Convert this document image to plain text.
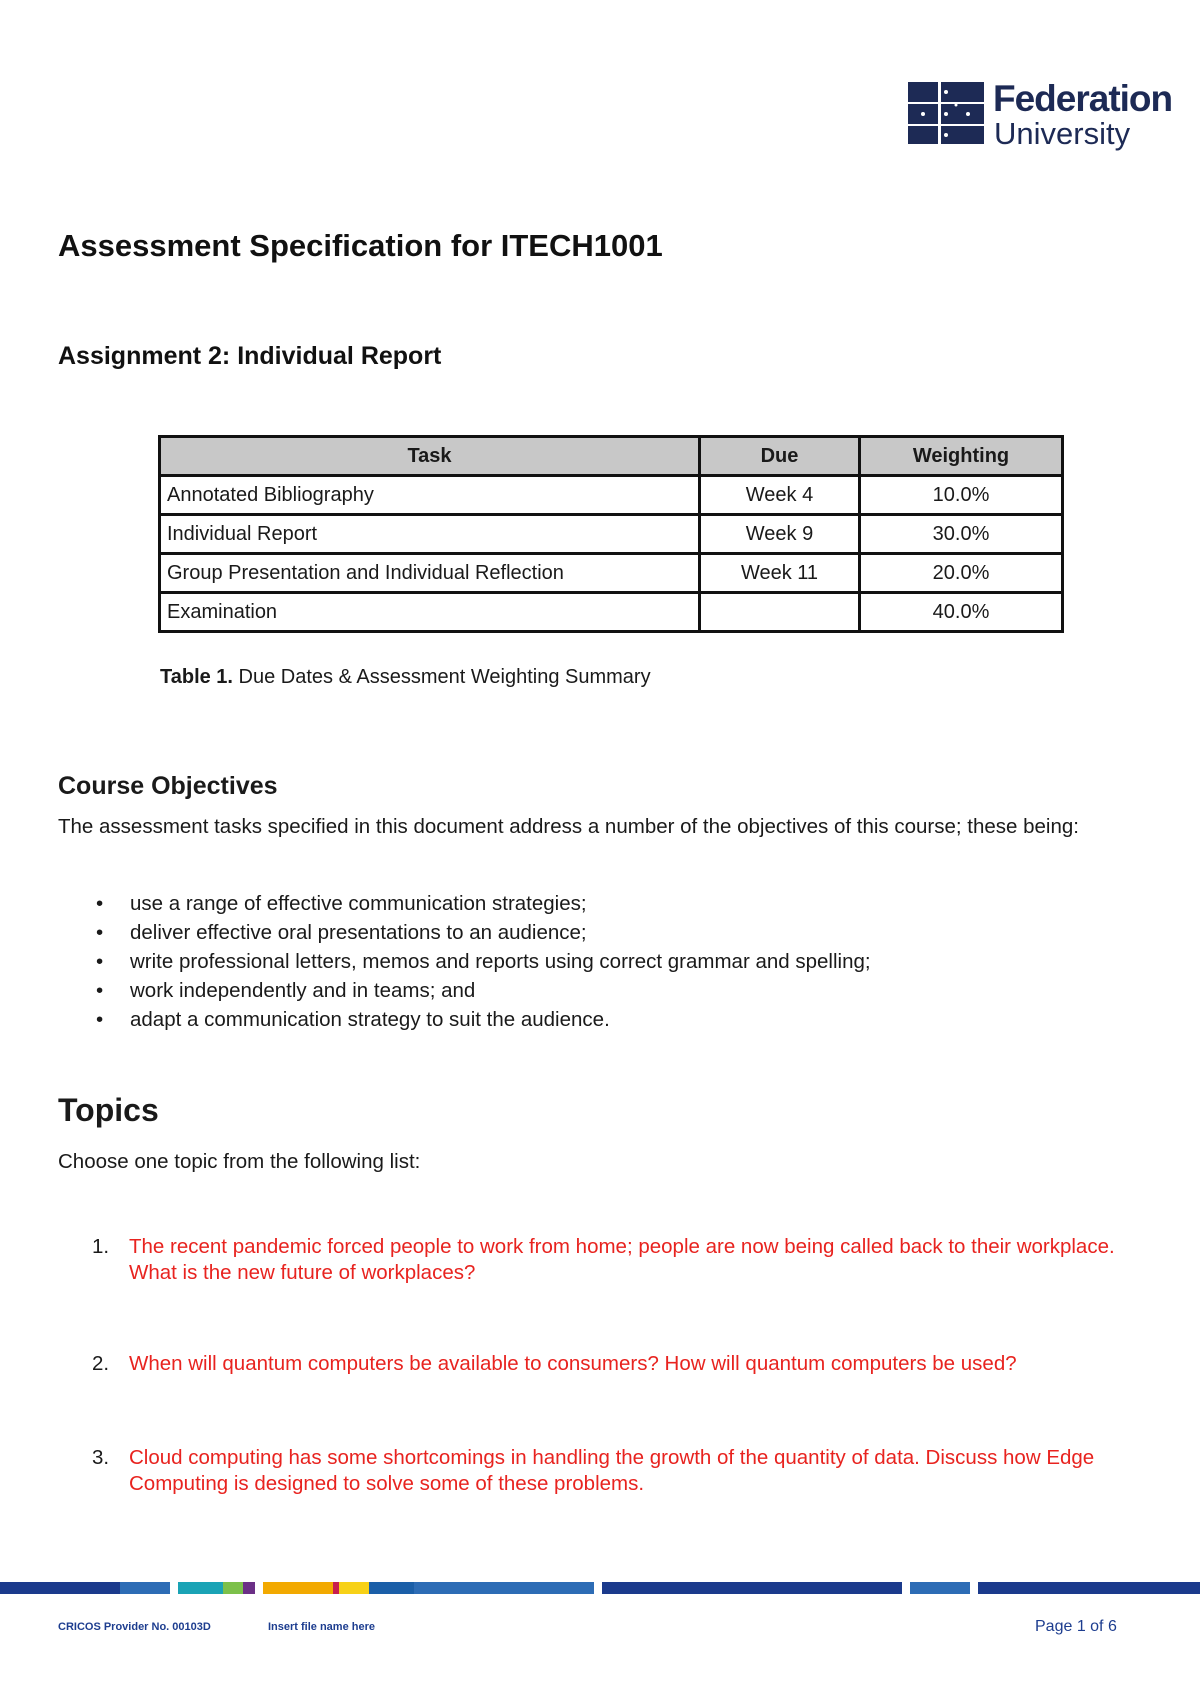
Federation
University
Assessment Specification for ITECH1001
Assignment 2: Individual Report
Task	Due	Weighting
Annotated Bibliography	Week 4	10.0%
Individual Report	Week 9	30.0%
Group Presentation and Individual Reflection	Week 11	20.0%
Examination		40.0%
Table 1. Due Dates & Assessment Weighting Summary
Course Objectives
The assessment tasks specified in this document address a number of the objectives of this course; these being:
• use a range of effective communication strategies;
• deliver effective oral presentations to an audience;
• write professional letters, memos and reports using correct grammar and spelling;
• work independently and in teams; and
• adapt a communication strategy to suit the audience.
Topics
Choose one topic from the following list:
1. The recent pandemic forced people to work from home; people are now being called back to their workplace. What is the new future of workplaces?
2. When will quantum computers be available to consumers? How will quantum computers be used?
3. Cloud computing has some shortcomings in handling the growth of the quantity of data. Discuss how Edge Computing is designed to solve some of these problems.
CRICOS Provider No. 00103D	Insert file name here	Page 1 of 6
